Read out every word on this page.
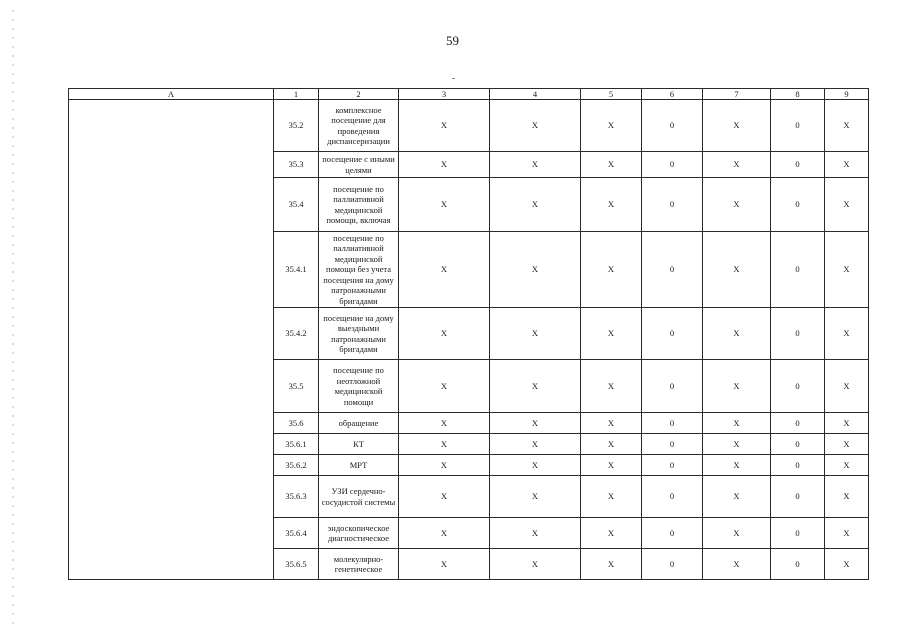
59
А	1	2	3	4	5	6	7	8	9
	35.2	комплексное посещение для проведения диспансеризации	Х	Х	Х	0	Х	0	Х
	35.3	посещение с иными целями	Х	Х	Х	0	Х	0	Х
	35.4	посещение по паллиативной медицинской помощи, включая	Х	Х	Х	0	Х	0	Х
	35.4.1	посещение по паллиативной медицинской помощи без учета посещения на дому патронажными бригадами	Х	Х	Х	0	Х	0	Х
	35.4.2	посещение на дому выездными патронажными бригадами	Х	Х	Х	0	Х	0	Х
	35.5	посещение по неотложной медицинской помощи	Х	Х	Х	0	Х	0	Х
	35.6	обращение	Х	Х	Х	0	Х	0	Х
	35.6.1	КТ	Х	Х	Х	0	Х	0	Х
	35.6.2	МРТ	Х	Х	Х	0	Х	0	Х
	35.6.3	УЗИ сердечно-сосудистой системы	Х	Х	Х	0	Х	0	Х
	35.6.4	эндоскопическое диагностическое	Х	Х	Х	0	Х	0	Х
	35.6.5	молекулярно-генетическое	Х	Х	Х	0	Х	0	Х
